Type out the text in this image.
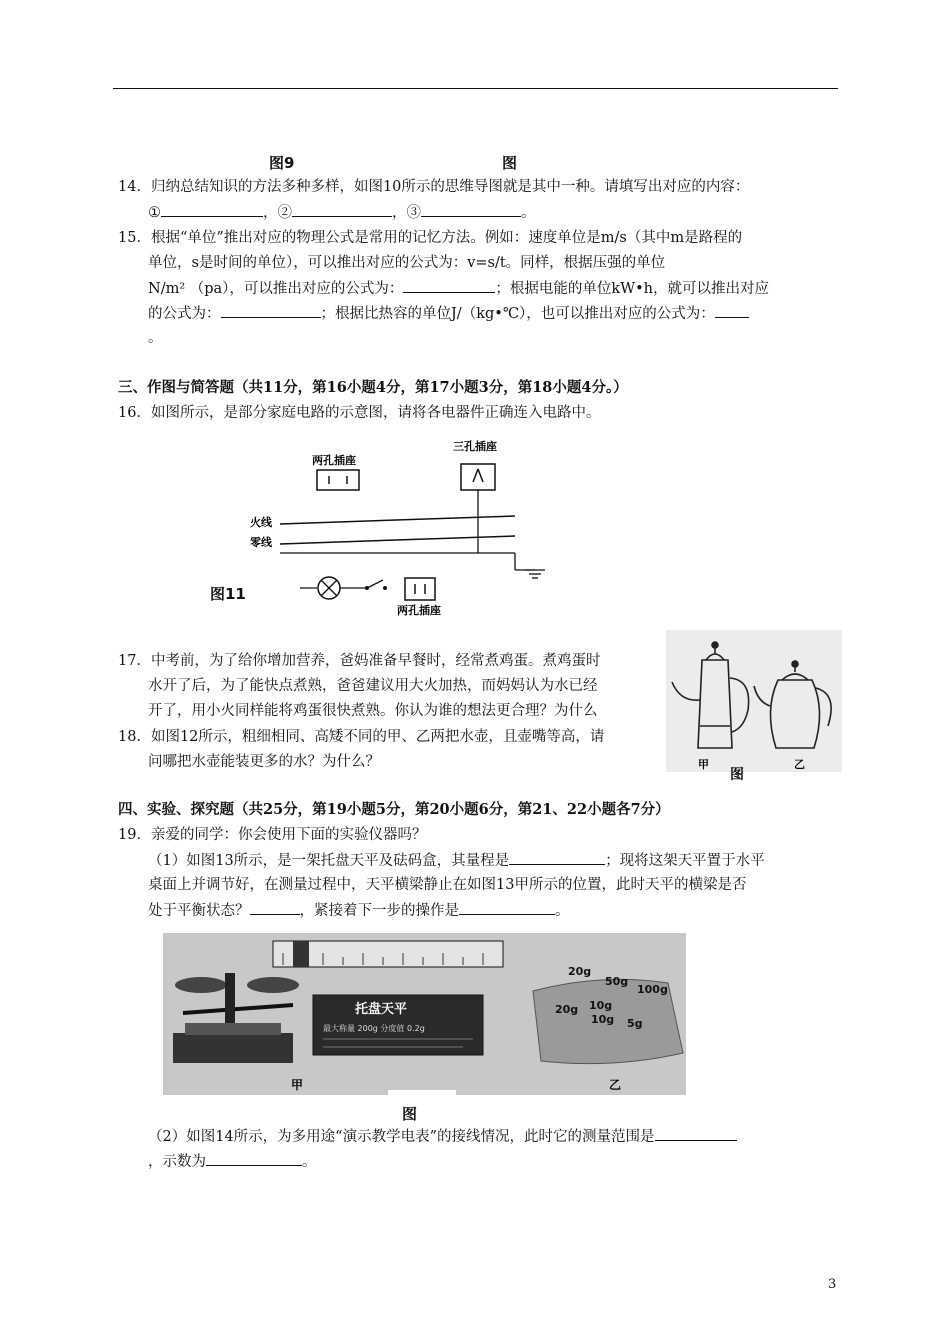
图9	图
14．归纳总结知识的方法多种多样，如图10所示的思维导图就是其中一种。请填写出对应的内容：
①	，②	，③	。
15．根据“单位”推出对应的物理公式是常用的记忆方法。例如：速度单位是m/s（其中m是路程的
单位，s是时间的单位），可以推出对应的公式为：v=s/t。同样，根据压强的单位
N/m² （pa），可以推出对应的公式为：	；根据电能的单位kW•h，就可以推出对应
的公式为：	；根据比热容的单位J/（kg•℃），也可以推出对应的公式为：
。
三、作图与简答题（共11分，第16小题4分，第17小题3分，第18小题4分。）
16．如图所示，是部分家庭电路的示意图，请将各电器件正确连入电路中。
两孔插座
三孔插座
火线
零线
两孔插座
图11
17．中考前，为了给你增加营养，爸妈准备早餐时，经常煮鸡蛋。煮鸡蛋时
水开了后，为了能快点煮熟，爸爸建议用大火加热，而妈妈认为水已经
开了，用小火同样能将鸡蛋很快煮熟。你认为谁的想法更合理？为什么
18．如图12所示，粗细相同、高矮不同的甲、乙两把水壶，且壶嘴等高，请
问哪把水壶能装更多的水？为什么？	甲	乙
图
四、实验、探究题（共25分，第19小题5分，第20小题6分，第21、22小题各7分）
19．亲爱的同学：你会使用下面的实验仪器吗？
（1）如图13所示，是一架托盘天平及砝码盒，其量程是	；现将这架天平置于水平
桌面上并调节好，在测量过程中，天平横梁静止在如图13甲所示的位置，此时天平的横梁是否
处于平衡状态？	，紧接着下一步的操作是	。
托盘天平
最大称量 200g 分度值 0.2g
20g
50g
100g
20g 10g
10g 5g
甲	乙
图
（2）如图14所示，为多用途“演示教学电表”的接线情况，此时它的测量范围是
，示数为	。
3
